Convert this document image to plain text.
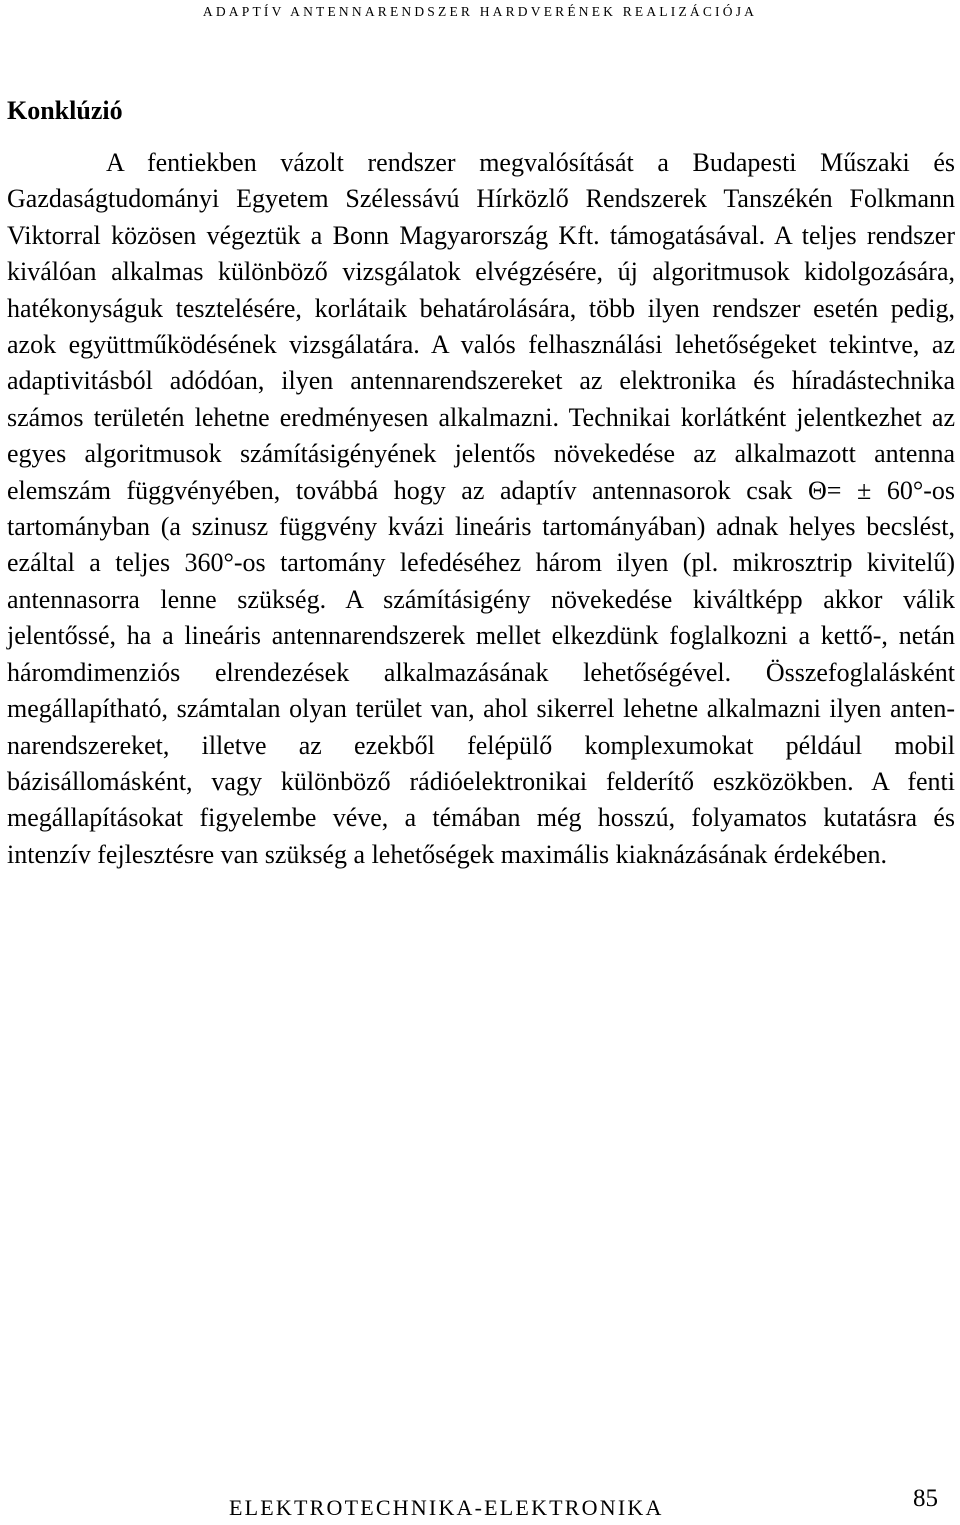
ADAPTÍV ANTENNARENDSZER HARDVERÉNEK REALIZÁCIÓJA
Konklúzió

A fentiekben vázolt rendszer megvalósítását a Budapesti Műszaki és Gazdaságtudományi Egyetem Szélessávú Hírközlő Rendszerek Tanszékén Folkmann Viktorral közösen végeztük a Bonn Magyarország Kft. támogatásával. A teljes rendszer kiválóan alkalmas különböző vizsgálatok elvégzésére, új algoritmusok kidolgozására, hatékonyságuk tesztelésére, korlátaik behatárolására, több ilyen rendszer esetén pedig, azok együttműködésének vizsgálatára. A valós felhasználási lehetőségeket tekintve, az adaptivitásból adódóan, ilyen antennarendszereket az elektronika és híradástechnika számos területén lehetne eredményesen alkalmazni. Technikai korlátként jelentkezhet az egyes algoritmusok számításigényének jelentős növekedése az alkalmazott antenna elemszám függvényében, továbbá hogy az adaptív antennasorok csak Θ= ± 60°-os tartományban (a szinusz függvény kvázi lineáris tartományában) adnak helyes becslést, ezáltal a teljes 360°-os tartomány lefedéséhez három ilyen (pl. mikrosztrip kivitelű) antennasorra lenne szükség. A számításigény növekedése kiváltképp akkor válik jelentőssé, ha a lineáris antennarendszerek mellet elkezdünk foglalkozni a kettő-, netán háromdimenziós elrendezések alkalmazásának lehetőségével. Összefoglalásként megállapítható, számtalan olyan terület van, ahol sikerrel lehetne alkalmazni ilyen antennarendszereket, illetve az ezekből felépülő komplexumokat például mobil bázisállomásként, vagy különböző rádióelektronikai felderítő eszközökben. A fenti megállapításokat figyelembe véve, a témában még hosszú, folyamatos kutatásra és intenzív fejlesztésre van szükség a lehetőségek maximális kiaknázásának érdekében.

ELEKTROTECHNIKA-ELEKTRONIKA	85
